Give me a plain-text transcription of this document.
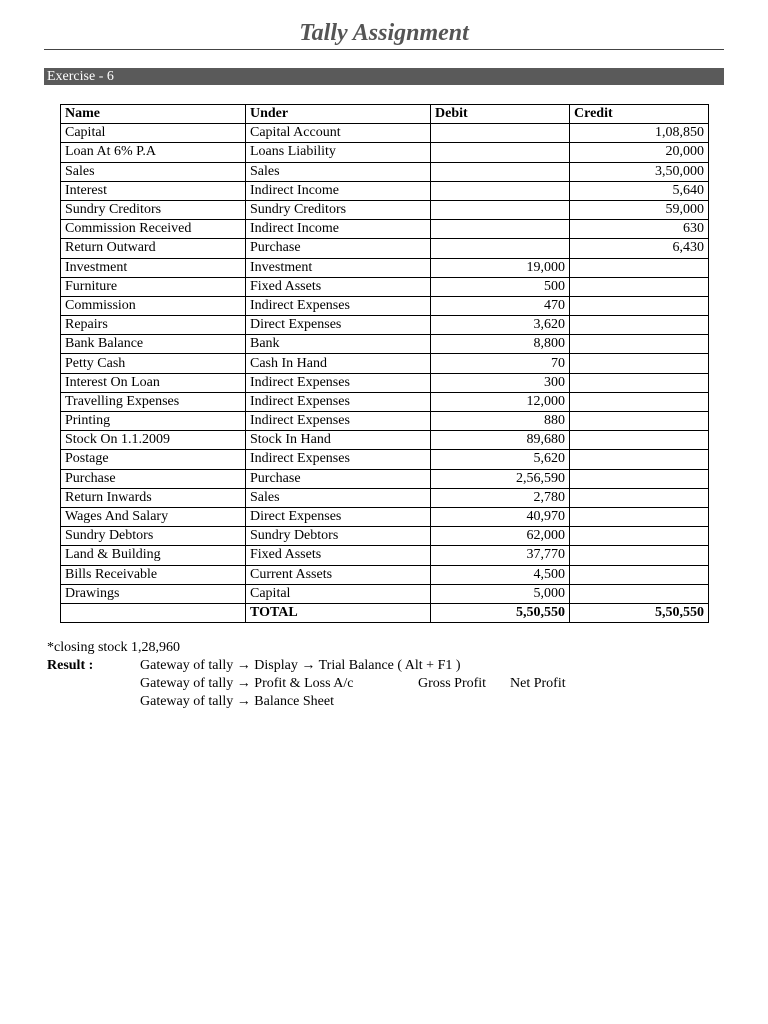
Tally Assignment
Exercise - 6
Name	Under	Debit	Credit
Capital	Capital Account		1,08,850
Loan At 6% P.A	Loans Liability		20,000
Sales	Sales		3,50,000
Interest	Indirect Income		5,640
Sundry Creditors	Sundry Creditors		59,000
Commission Received	Indirect Income		630
Return Outward	Purchase		6,430
Investment	Investment	19,000	
Furniture	Fixed Assets	500	
Commission	Indirect Expenses	470	
Repairs	Direct Expenses	3,620	
Bank Balance	Bank	8,800	
Petty Cash	Cash In Hand	70	
Interest On Loan	Indirect Expenses	300	
Travelling Expenses	Indirect Expenses	12,000	
Printing	Indirect Expenses	880	
Stock On 1.1.2009	Stock In Hand	89,680	
Postage	Indirect Expenses	5,620	
Purchase	Purchase	2,56,590	
Return Inwards	Sales	2,780	
Wages And Salary	Direct Expenses	40,970	
Sundry Debtors	Sundry Debtors	62,000	
Land & Building	Fixed Assets	37,770	
Bills Receivable	Current Assets	4,500	
Drawings	Capital	5,000	
	TOTAL	5,50,550	5,50,550
*closing stock 1,28,960
Result :	Gateway of tally → Display → Trial Balance ( Alt + F1 )
Gateway of tally → Profit & Loss A/c	Gross Profit Net Profit
Gateway of tally → Balance Sheet
